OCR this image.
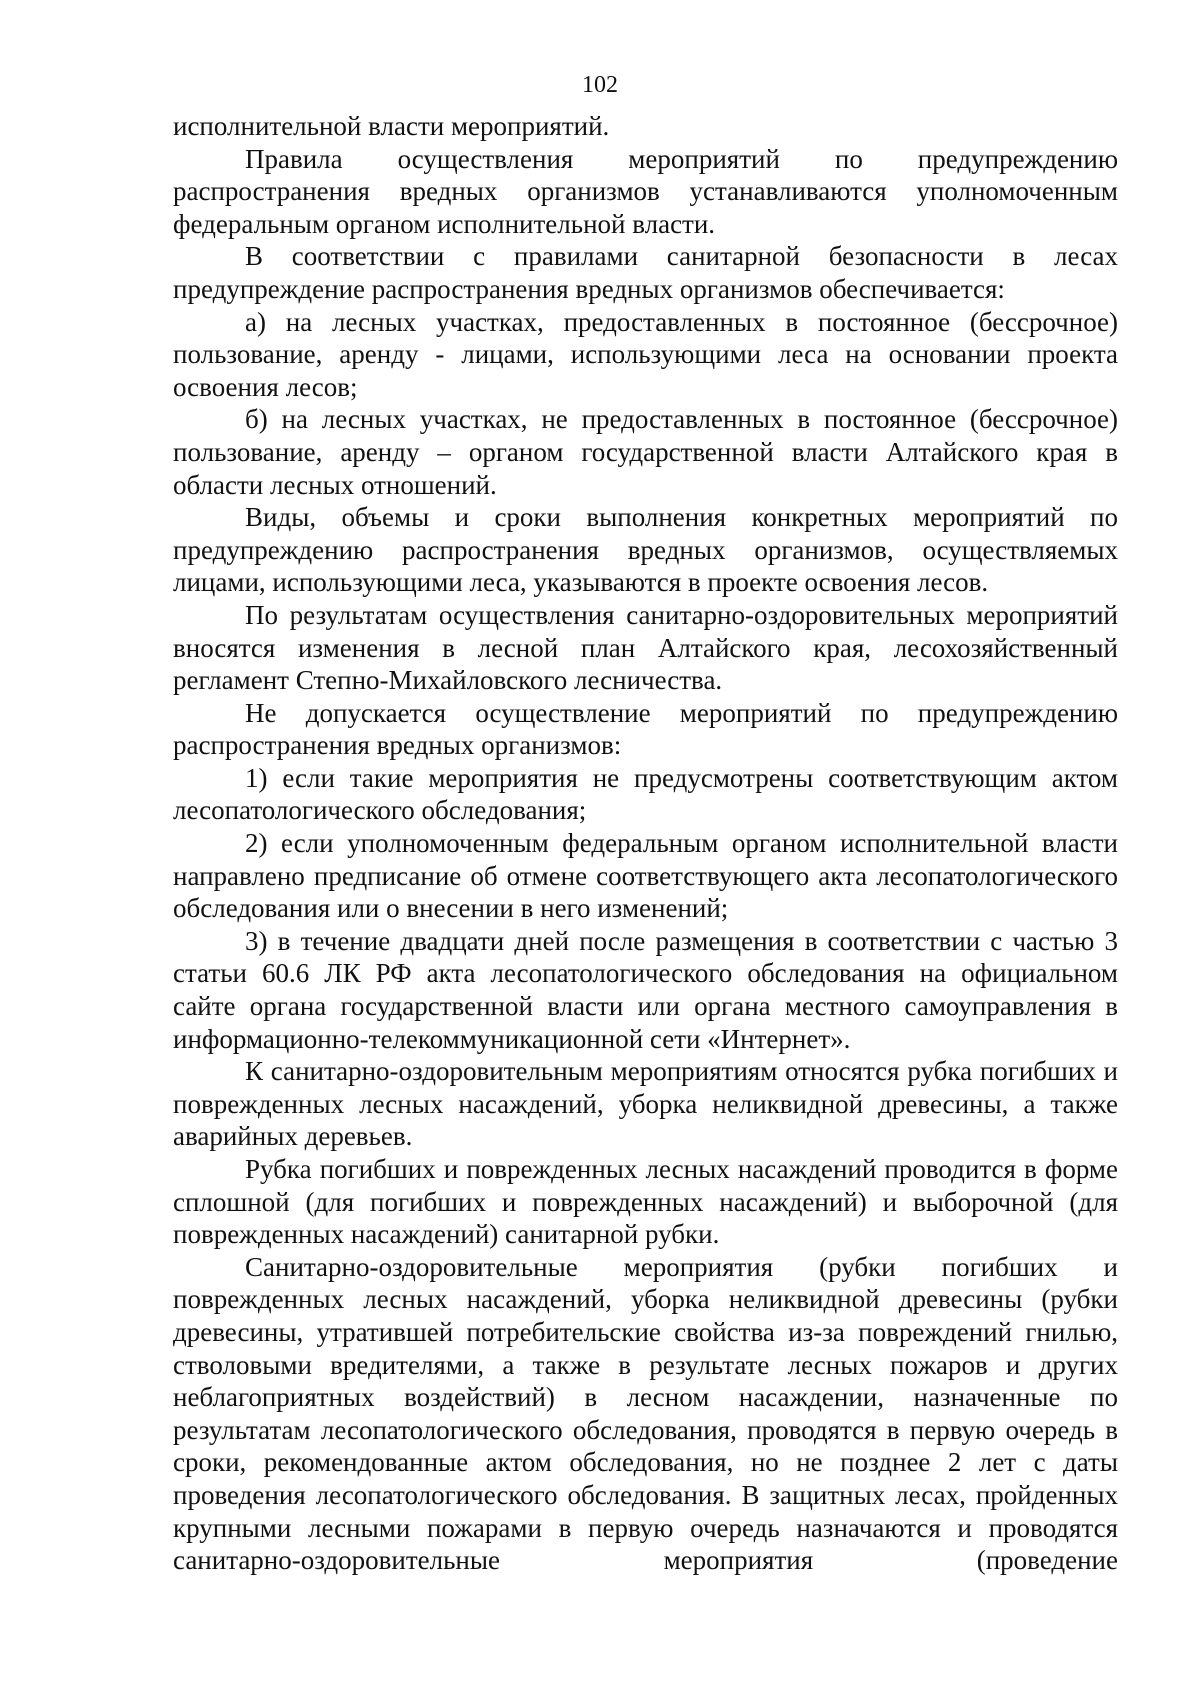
102

исполнительной власти мероприятий.

Правила осуществления мероприятий по предупреждению распространения вредных организмов устанавливаются уполномоченным федеральным органом исполнительной власти.

В соответствии с правилами санитарной безопасности в лесах предупреждение распространения вредных организмов обеспечивается:

а) на лесных участках, предоставленных в постоянное (бессрочное) пользование, аренду - лицами, использующими леса на основании проекта освоения лесов;

б) на лесных участках, не предоставленных в постоянное (бессрочное) пользование, аренду – органом государственной власти Алтайского края в области лесных отношений.

Виды, объемы и сроки выполнения конкретных мероприятий по предупреждению распространения вредных организмов, осуществляемых лицами, использующими леса, указываются в проекте освоения лесов.

По результатам осуществления санитарно-оздоровительных мероприятий вносятся изменения в лесной план Алтайского края, лесохозяйственный регламент Степно-Михайловского лесничества.

Не допускается осуществление мероприятий по предупреждению распространения вредных организмов:

1) если такие мероприятия не предусмотрены соответствующим актом лесопатологического обследования;

2) если уполномоченным федеральным органом исполнительной власти направлено предписание об отмене соответствующего акта лесопатологического обследования или о внесении в него изменений;

3) в течение двадцати дней после размещения в соответствии с частью 3 статьи 60.6 ЛК РФ акта лесопатологического обследования на официальном сайте органа государственной власти или органа местного самоуправления в информационно-телекоммуникационной сети «Интернет».

К санитарно-оздоровительным мероприятиям относятся рубка погибших и поврежденных лесных насаждений, уборка неликвидной древесины, а также аварийных деревьев.

Рубка погибших и поврежденных лесных насаждений проводится в форме сплошной (для погибших и поврежденных насаждений) и выборочной (для поврежденных насаждений) санитарной рубки.

Санитарно-оздоровительные мероприятия (рубки погибших и поврежденных лесных насаждений, уборка неликвидной древесины (рубки древесины, утратившей потребительские свойства из-за повреждений гнилью, стволовыми вредителями, а также в результате лесных пожаров и других неблагоприятных воздействий) в лесном насаждении, назначенные по результатам лесопатологического обследования, проводятся в первую очередь в сроки, рекомендованные актом обследования, но не позднее 2 лет с даты проведения лесопатологического обследования. В защитных лесах, пройденных крупными лесными пожарами в первую очередь назначаются и проводятся санитарно-оздоровительные мероприятия (проведение
